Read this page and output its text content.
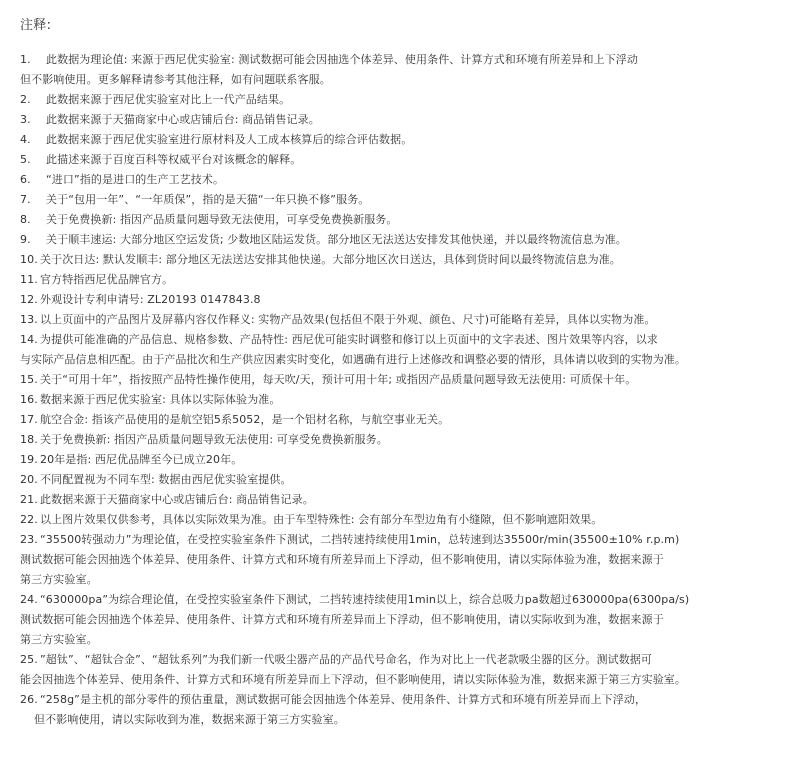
注释:
1. 此数据为理论值: 来源于西尼优实验室: 测试数据可能会因抽选个体差异、使用条件、计算方式和环境有所差异和上下浮动
但不影响使用。更多解释请参考其他注释，如有问题联系客服。
2. 此数据来源于西尼优实验室对比上一代产品结果。
3. 此数据来源于天猫商家中心或店铺后台: 商品销售记录。
4. 此数据来源于西尼优实验室进行原材料及人工成本核算后的综合评估数据。
5. 此描述来源于百度百科等权威平台对该概念的解释。
6. “进口”指的是进口的生产工艺技术。
7. 关于“包用一年”、“一年质保”，指的是天猫“一年只换不修”服务。
8. 关于免费换新: 指因产品质量问题导致无法使用，可享受免费换新服务。
9. 关于顺丰速运: 大部分地区空运发货; 少数地区陆运发货。部分地区无法送达安排发其他快递，并以最终物流信息为准。
10. 关于次日达: 默认发顺丰: 部分地区无法送达安排其他快递。大部分地区次日送达，具体到货时间以最终物流信息为准。
11. 官方特指西尼优品牌官方。
12. 外观设计专利申请号: ZL20193 0147843.8
13. 以上页面中的产品图片及屏幕内容仅作释义: 实物产品效果(包括但不限于外观、颜色、尺寸)可能略有差异，具体以实物为准。
14. 为提供可能准确的产品信息、规格参数、产品特性: 西尼优可能实时调整和修订以上页面中的文字表述、图片效果等内容，以求
与实际产品信息相匹配。由于产品批次和生产供应因素实时变化，如遇确有进行上述修改和调整必要的情形，具体请以收到的实物为准。
15. 关于“可用十年”，指按照产品特性操作使用，每天吹/天，预计可用十年; 或指因产品质量问题导致无法使用: 可质保十年。
16. 数据来源于西尼优实验室: 具体以实际体验为准。
17. 航空合金: 指该产品使用的是航空铝5系5052，是一个铝材名称，与航空事业无关。
18. 关于免费换新: 指因产品质量问题导致无法使用: 可享受免费换新服务。
19. 20年是指: 西尼优品牌至今已成立20年。
20. 不同配置视为不同车型: 数据由西尼优实验室提供。
21. 此数据来源于天猫商家中心或店铺后台: 商品销售记录。
22. 以上图片效果仅供参考，具体以实际效果为准。由于车型特殊性: 会有部分车型边角有小缝隙，但不影响遮阳效果。
23. “35500转强动力”为理论值，在受控实验室条件下测试，二挡转速持续使用1min，总转速到达35500r/min(35500±10% r.p.m)
测试数据可能会因抽选个体差异、使用条件、计算方式和环境有所差异而上下浮动，但不影响使用，请以实际体验为准，数据来源于
第三方实验室。
24. “630000pa”为综合理论值，在受控实验室条件下测试，二挡转速持续使用1min以上，综合总吸力pa数超过630000pa(6300pa/s)
测试数据可能会因抽选个体差异、使用条件、计算方式和环境有所差异而上下浮动，但不影响使用，请以实际收到为准，数据来源于
第三方实验室。
25. ”超钛”、“超钛合金”、“超钛系列”为我们新一代吸尘器产品的产品代号命名，作为对比上一代老款吸尘器的区分。测试数据可
能会因抽选个体差异、使用条件、计算方式和环境有所差异而上下浮动，但不影响使用，请以实际体验为准，数据来源于第三方实验室。
26. “258g”是主机的部分零件的预估重量，测试数据可能会因抽选个体差异、使用条件、计算方式和环境有所差异而上下浮动，
但不影响使用，请以实际收到为准，数据来源于第三方实验室。
